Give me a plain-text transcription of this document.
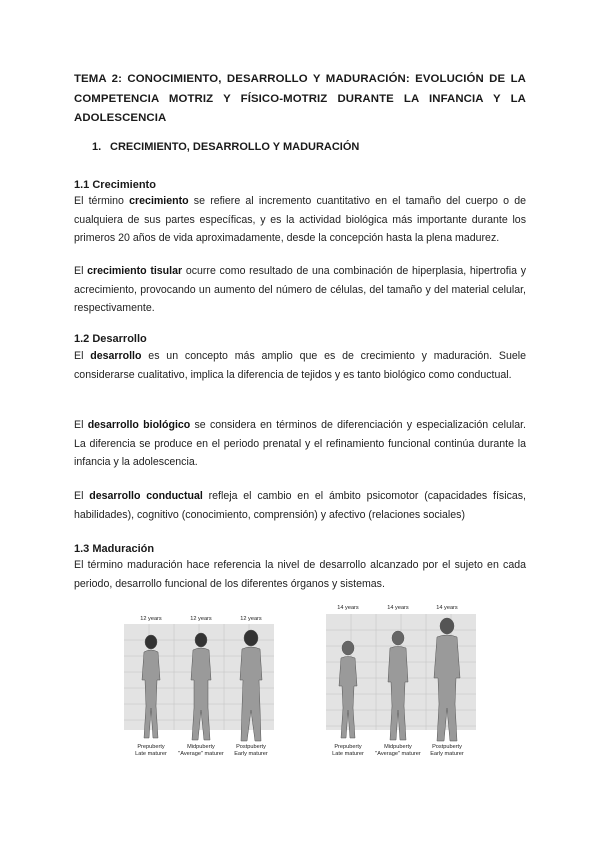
TEMA 2: CONOCIMIENTO, DESARROLLO Y MADURACIÓN: EVOLUCIÓN DE LA COMPETENCIA MOTRIZ Y FÍSICO-MOTRIZ DURANTE LA INFANCIA Y LA ADOLESCENCIA
1. CRECIMIENTO, DESARROLLO Y MADURACIÓN
1.1 Crecimiento
El término crecimiento se refiere al incremento cuantitativo en el tamaño del cuerpo o de cualquiera de sus partes específicas, y es la actividad biológica más importante durante los primeros 20 años de vida aproximadamente, desde la concepción hasta la plena madurez.
El crecimiento tisular ocurre como resultado de una combinación de hiperplasia, hipertrofia y acrecimiento, provocando un aumento del número de células, del tamaño y del material celular, respectivamente.
1.2 Desarrollo
El desarrollo es un concepto más amplio que es de crecimiento y maduración. Suele considerarse cualitativo, implica la diferencia de tejidos y es tanto biológico como conductual.
El desarrollo biológico se considera en términos de diferenciación y especialización celular. La diferencia se produce en el periodo prenatal y el refinamiento funcional continúa durante la infancia y la adolescencia.
El desarrollo conductual refleja el cambio en el ámbito psicomotor (capacidades físicas, habilidades), cognitivo (conocimiento, comprensión) y afectivo (relaciones sociales)
1.3 Maduración
El término maduración hace referencia la nivel de desarrollo alcanzado por el sujeto en cada periodo, desarrollo funcional de los diferentes órganos y sistemas.
12 years	12 years	12 years
Prepuberty	Midpuberty	Postpuberty
Late maturer "Average" maturer Early maturer
14 years	14 years	14 years
Prepuberty	Midpuberty	Postpuberty
Late maturer "Average" maturer Early maturer
